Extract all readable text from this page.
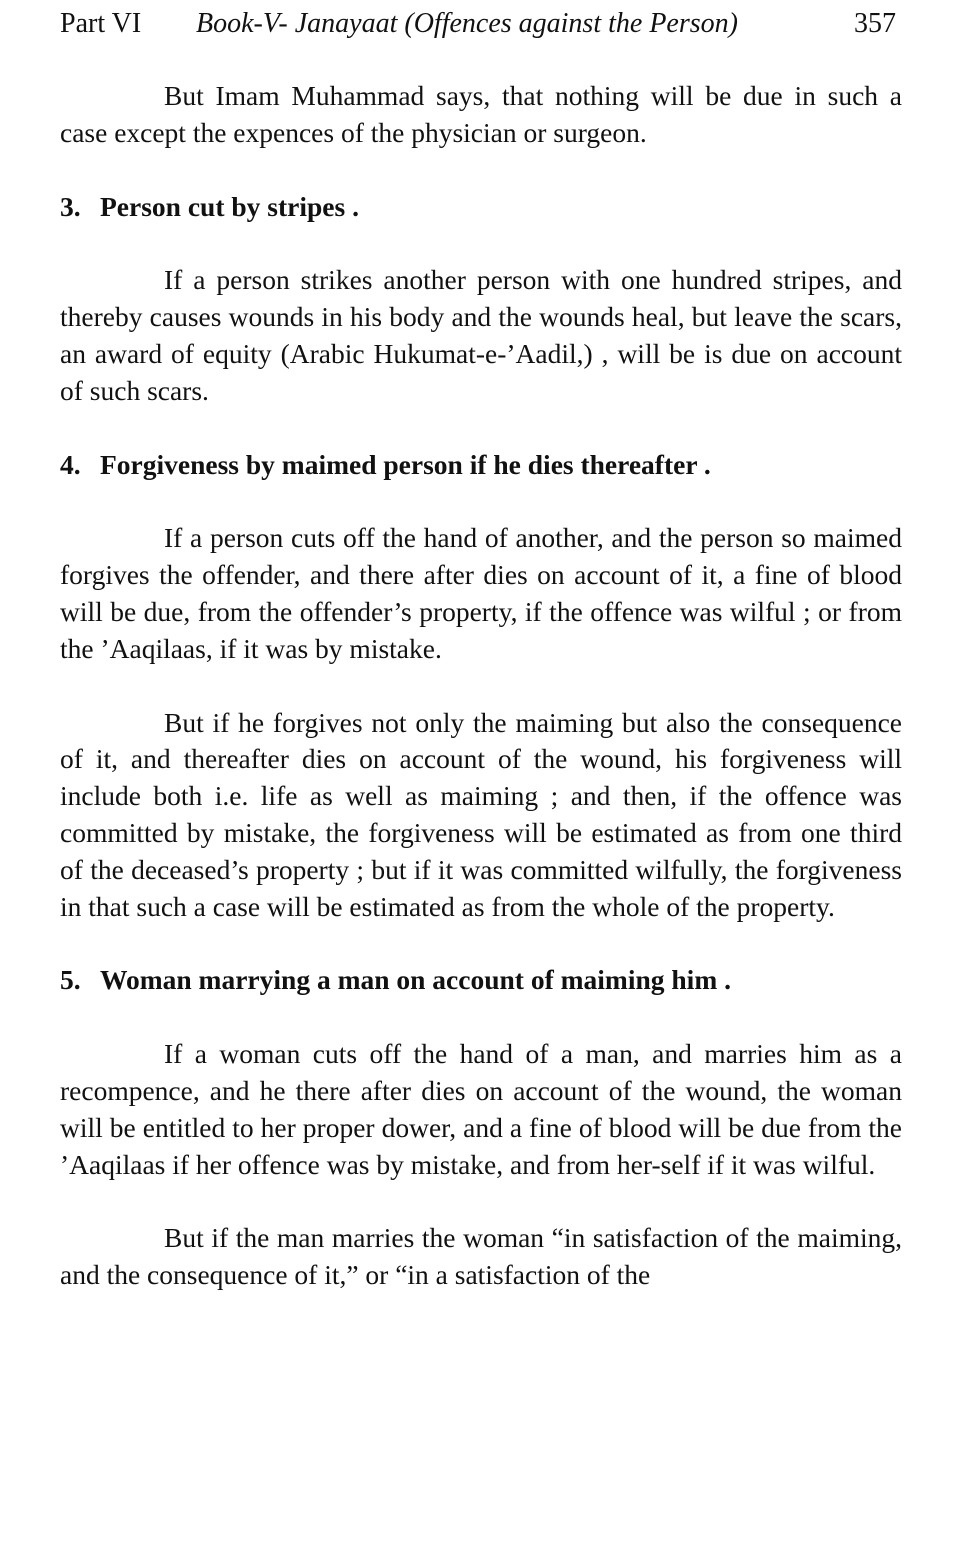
Part VI Book-V- Janayaat (Offences against the Person)	357

But Imam Muhammad says, that nothing will be due in such a case except the expences of the physician or surgeon.

3. Person cut by stripes .

If a person strikes another person with one hundred stripes, and thereby causes wounds in his body and the wounds heal, but leave the scars, an award of equity (Arabic Hukumat-e-’Aadil,) , will be is due on account of such scars.

4. Forgiveness by maimed person if he dies thereafter .

If a person cuts off the hand of another, and the person so maimed forgives the offender, and there after dies on account of it, a fine of blood will be due, from the offender’s property, if the offence was wilful ; or from the ’Aaqilaas, if it was by mistake.

But if he forgives not only the maiming but also the consequence of it, and thereafter dies on account of the wound, his forgiveness will include both i.e. life as well as maiming ; and then, if the offence was committed by mistake, the forgiveness will be estimated as from one third of the deceased’s property ; but if it was committed wilfully, the forgiveness in that such a case will be estimated as from the whole of the property.

5. Woman marrying a man on account of maiming him .

If a woman cuts off the hand of a man, and marries him as a recompence, and he there after dies on account of the wound, the woman will be entitled to her proper dower, and a fine of blood will be due from the ’Aaqilaas if her offence was by mistake, and from her-self if it was wilful.

But if the man marries the woman “in satisfaction of the maiming, and the consequence of it,” or “in a satisfaction of the
